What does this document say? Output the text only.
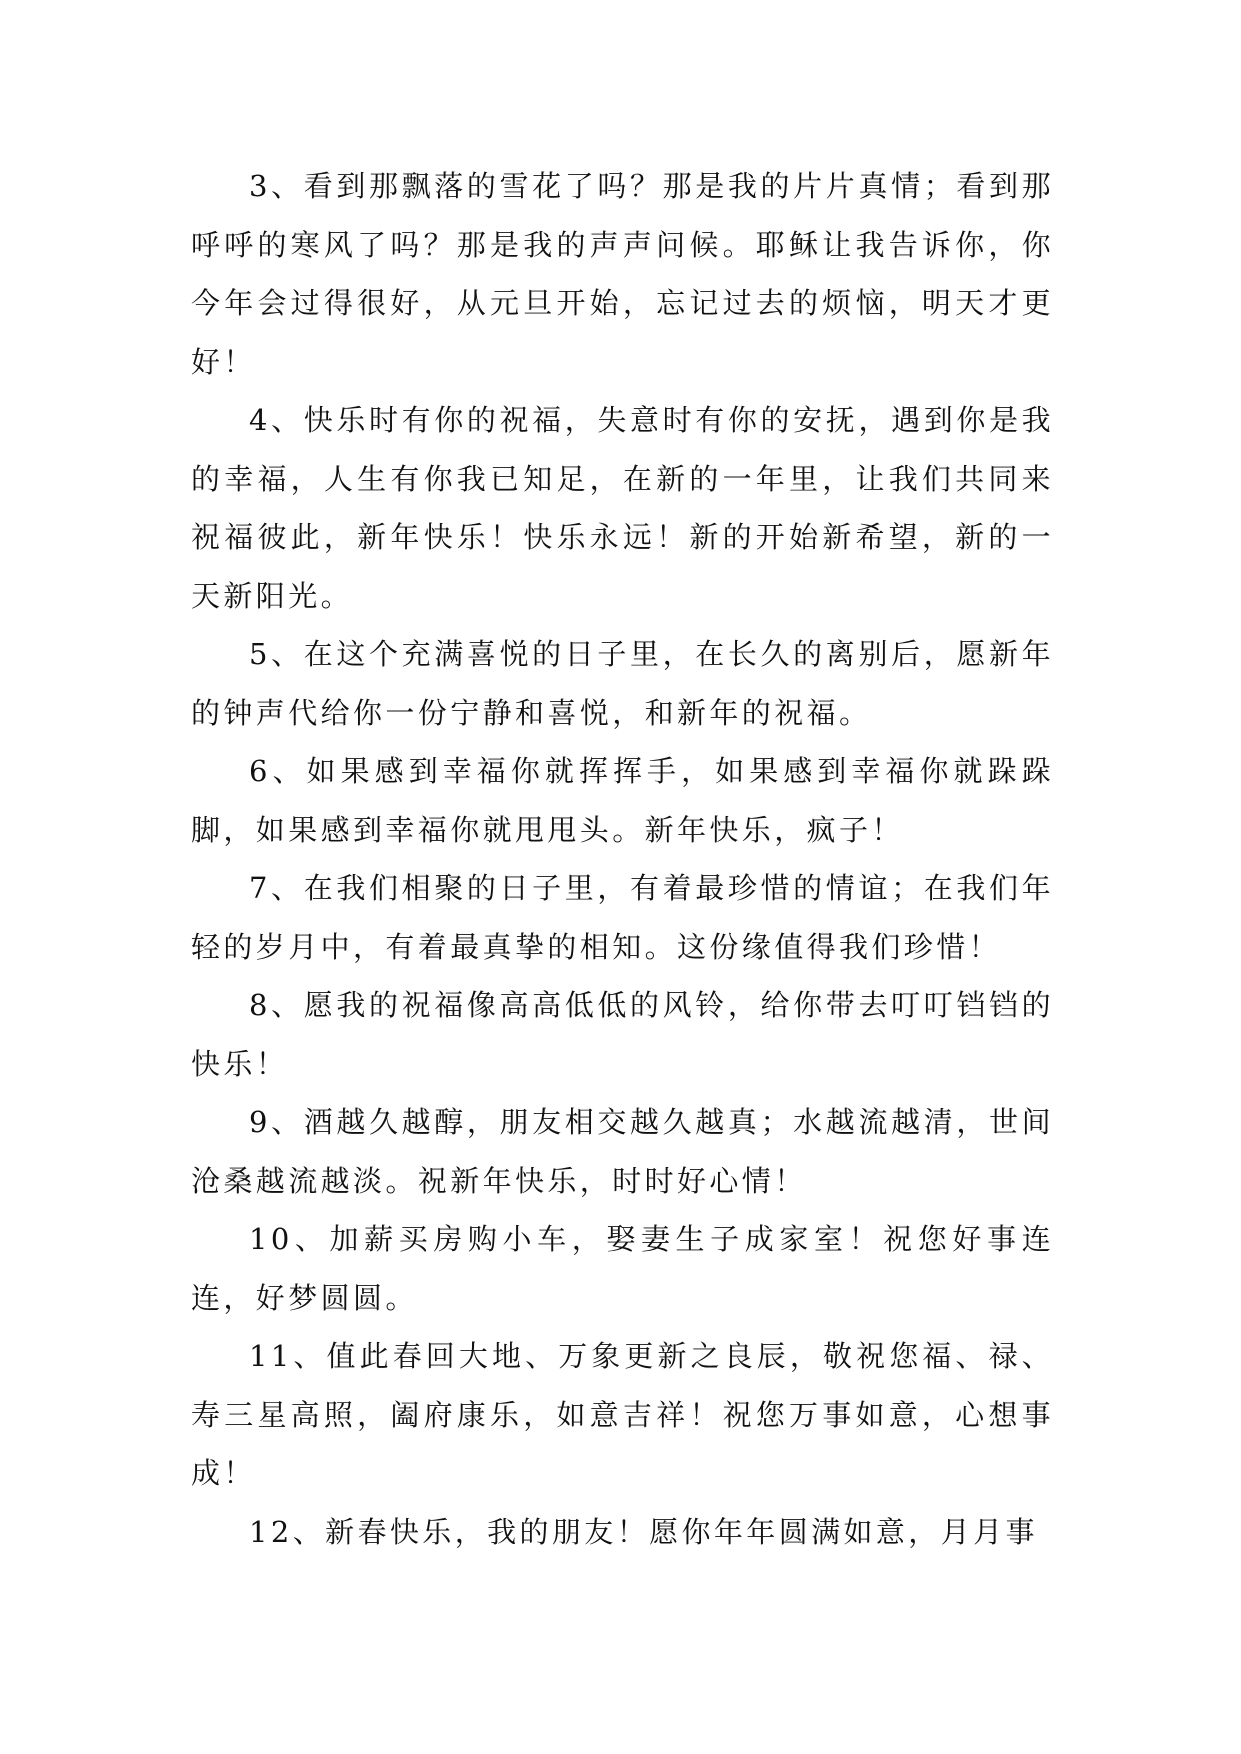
3、看到那飘落的雪花了吗？那是我的片片真情；看到那呼呼的寒风了吗？那是我的声声问候。耶稣让我告诉你，你今年会过得很好，从元旦开始，忘记过去的烦恼，明天才更好！

4、快乐时有你的祝福，失意时有你的安抚，遇到你是我的幸福，人生有你我已知足，在新的一年里，让我们共同来祝福彼此，新年快乐！快乐永远！新的开始新希望，新的一天新阳光。

5、在这个充满喜悦的日子里，在长久的离别后，愿新年的钟声代给你一份宁静和喜悦，和新年的祝福。

6、如果感到幸福你就挥挥手，如果感到幸福你就跺跺脚，如果感到幸福你就甩甩头。新年快乐，疯子！

7、在我们相聚的日子里，有着最珍惜的情谊；在我们年轻的岁月中，有着最真挚的相知。这份缘值得我们珍惜！

8、愿我的祝福像高高低低的风铃，给你带去叮叮铛铛的快乐！

9、酒越久越醇，朋友相交越久越真；水越流越清，世间沧桑越流越淡。祝新年快乐，时时好心情！

10、加薪买房购小车，娶妻生子成家室！祝您好事连连，好梦圆圆。

11、值此春回大地、万象更新之良辰，敬祝您福、禄、寿三星高照，阖府康乐，如意吉祥！祝您万事如意，心想事成！

12、新春快乐，我的朋友！愿你年年圆满如意，月月事
